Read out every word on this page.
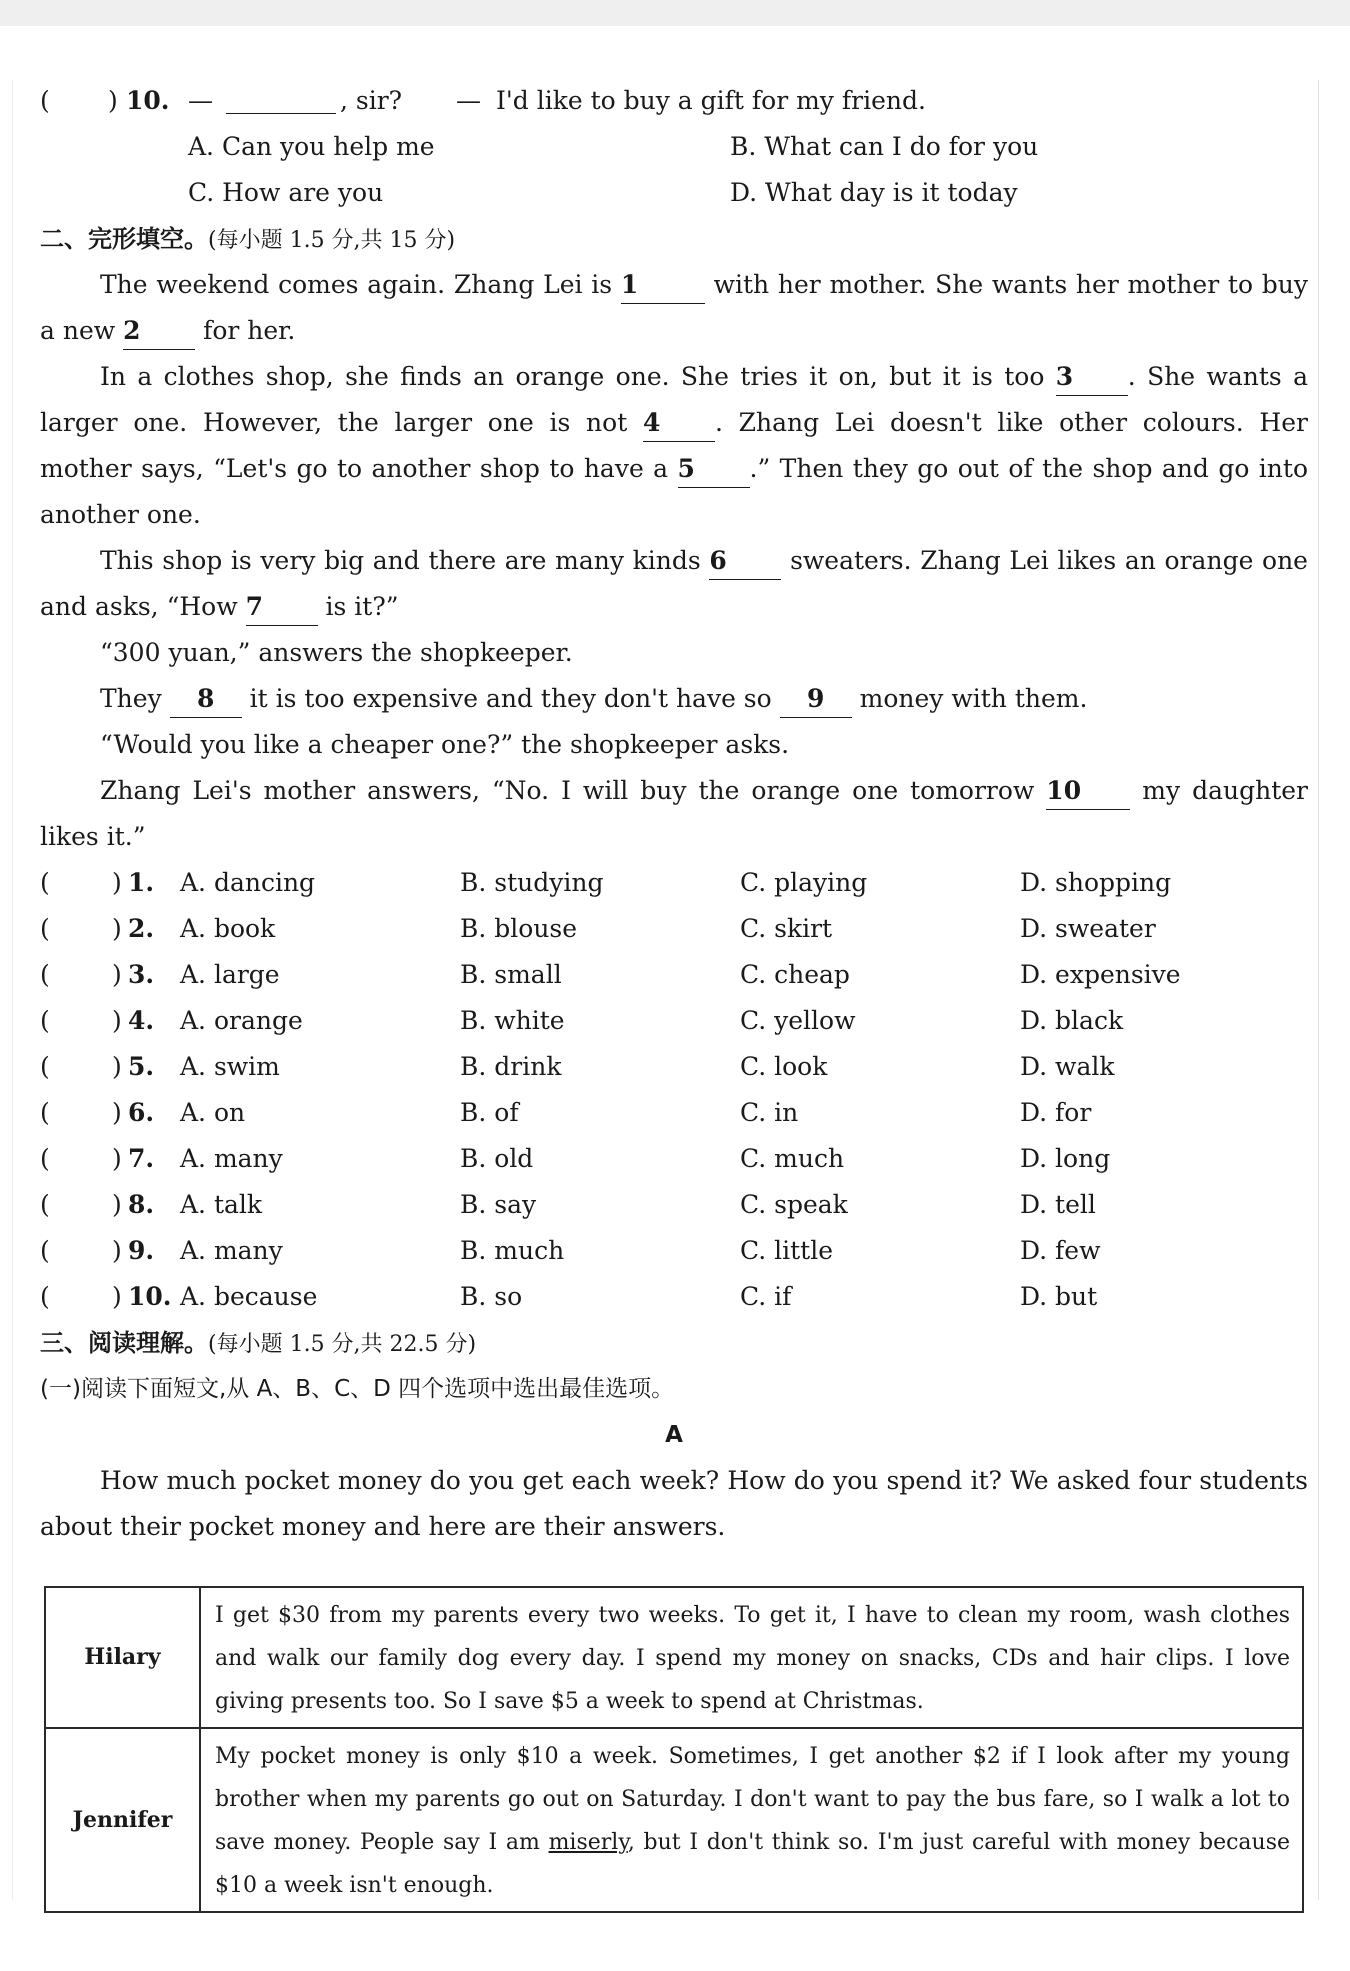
( ) 10. —	, sir? — I'd like to buy a gift for my friend.
A. Can you help me	B. What can I do for you
C. How are you	D. What day is it today
二、完形填空。(每小题 1.5 分,共 15 分)
The weekend comes again. Zhang Lei is 1	with her mother. She wants her mother to buy
a new 2	for her.
In a clothes shop, she finds an orange one. She tries it on, but it is too 3 . She wants a
larger one. However, the larger one is not 4 . Zhang Lei doesn't like other colours. Her
mother says, “Let's go to another shop to have a 5 .” Then they go out of the shop and go into
another one.
This shop is very big and there are many kinds 6	sweaters. Zhang Lei likes an orange one
and asks, “How 7	is it?”
“300 yuan,” answers the shopkeeper.
They 8 it is too expensive and they don't have so 9 money with them.
“Would you like a cheaper one?” the shopkeeper asks.
Zhang Lei's mother answers, “No. I will buy the orange one tomorrow 10 my daughter
likes it.”
( ) 1. A. dancing	B. studying	C. playing	D. shopping
( ) 2. A. book	B. blouse	C. skirt	D. sweater
( ) 3. A. large	B. small	C. cheap	D. expensive
( ) 4. A. orange	B. white	C. yellow	D. black
( ) 5. A. swim	B. drink	C. look	D. walk
( ) 6. A. on	B. of	C. in	D. for
( ) 7. A. many	B. old	C. much	D. long
( ) 8. A. talk	B. say	C. speak	D. tell
( ) 9. A. many	B. much	C. little	D. few
( ) 10. A. because	B. so	C. if	D. but
三、阅读理解。(每小题 1.5 分,共 22.5 分)
(一)阅读下面短文,从 A、B、C、D 四个选项中选出最佳选项。
A
How much pocket money do you get each week? How do you spend it? We asked four students
about their pocket money and here are their answers.
Hilary	I get $30 from my parents every two weeks. To get it, I have to clean my room, wash clothes
and walk our family dog every day. I spend my money on snacks, CDs and hair clips. I love
giving presents too. So I save $5 a week to spend at Christmas.

Jennifer	My pocket money is only $10 a week. Sometimes, I get another $2 if I look after my young
brother when my parents go out on Saturday. I don't want to pay the bus fare, so I walk a lot to
save money. People say I am miserly, but I don't think so. I'm just careful with money because
$10 a week isn't enough.
